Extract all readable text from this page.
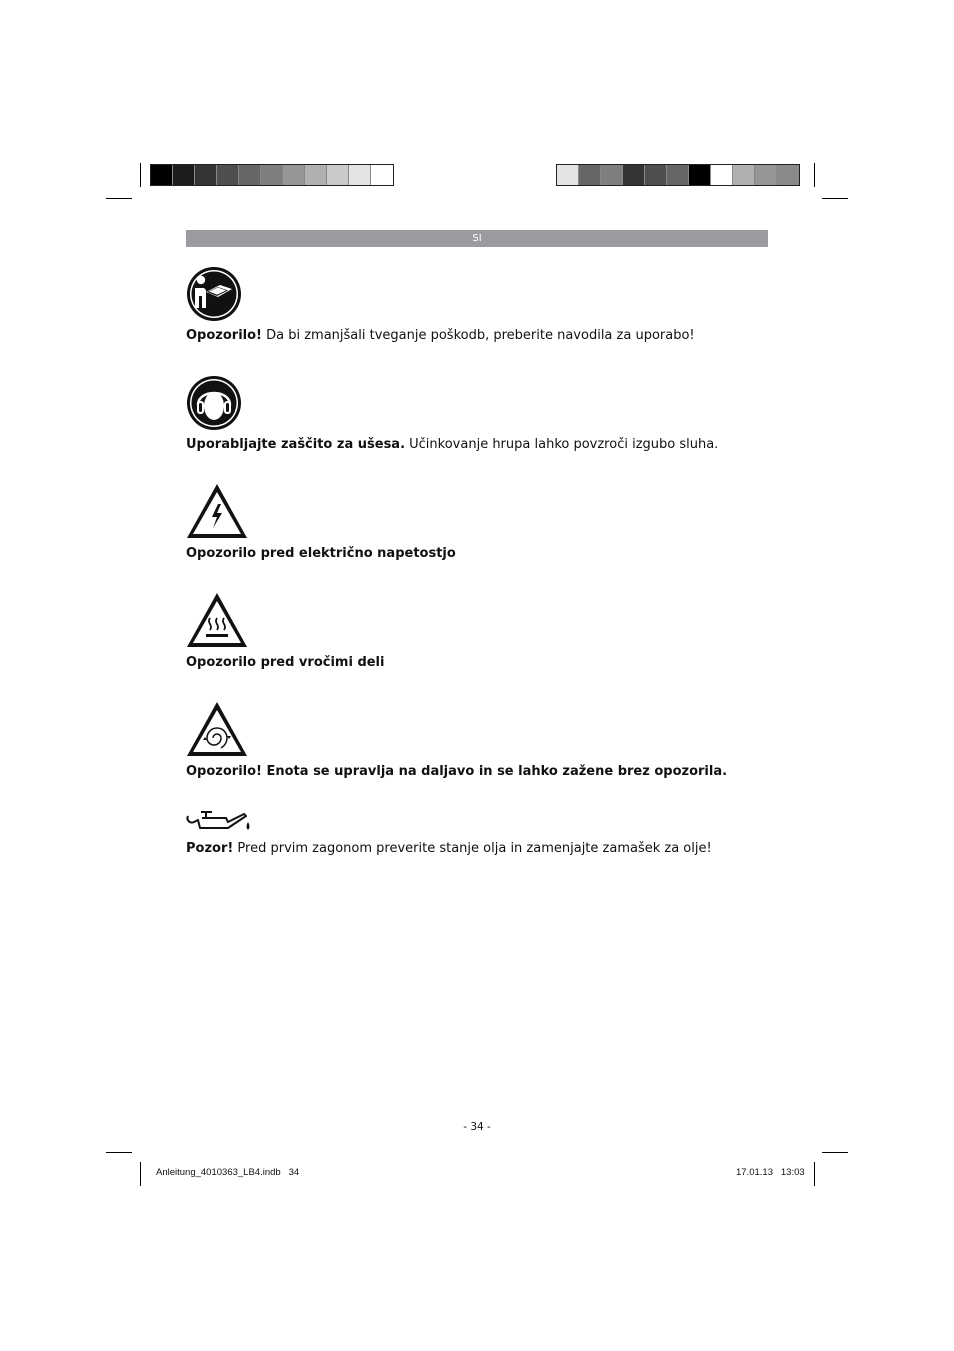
SI
Opozorilo! Da bi zmanjšali tveganje poškodb, preberite navodila za uporabo!
Uporabljajte zaščito za ušesa. Učinkovanje hrupa lahko povzroči izgubo sluha.
Opozorilo pred električno napetostjo
Opozorilo pred vročimi deli
Opozorilo! Enota se upravlja na daljavo in se lahko zažene brez opozorila.
Pozor! Pred prvim zagonom preverite stanje olja in zamenjajte zamašek za olje!
- 34 -
Anleitung_4010363_LB4.indb   34	17.01.13   13:03
